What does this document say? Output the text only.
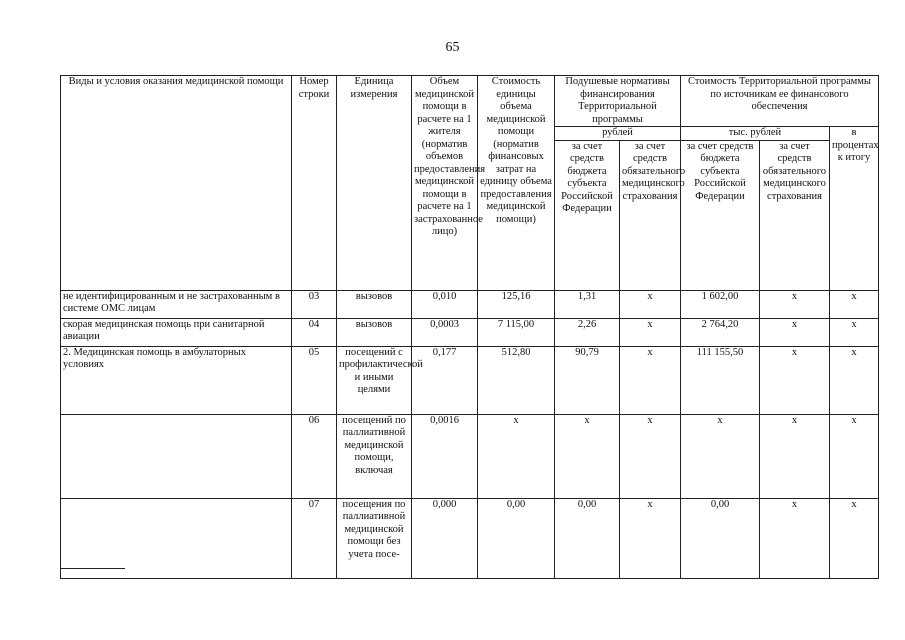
65
Виды и условия оказания медицинской помощи	Номер строки	Единица измерения	Объем медицинской помощи в расчете на 1 жителя (норматив объемов предоставления медицинской помощи в расчете на 1 застрахованное лицо)	Стоимость единицы объема медицинской помощи (норматив финансовых затрат на единицу объема предоставления медицинской помощи)	Подушевые нормативы финансирования Территориальной программы		Стоимость Территориальной программы по источникам ее финансового обеспечения		
					рублей		тыс. рублей		в процентах к итогу
					за счет средств бюджета субъекта Российской Федерации	за счет средств обязательного медицинского страхования	за счет средств бюджета субъекта Российской Федерации	за счет средств обязательного медицинского страхования	
не идентифицированным и не застрахованным в системе ОМС лицам	03	вызовов	0,010	125,16	1,31	х	1 602,00	х	х
скорая медицинская помощь при санитарной авиации	04	вызовов	0,0003	7 115,00	2,26	х	2 764,20	х	х
2. Медицинская помощь в амбулаторных условиях	05	посещений с профилактической и иными целями	0,177	512,80	90,79	х	111 155,50	х	х
	06	посещений по паллиативной медицинской помощи, включая	0,0016	х	х	х	х	х	х
	07	посещения по паллиативной медицинской помощи без учета посе-	0,000	0,00	0,00	х	0,00	х	х
